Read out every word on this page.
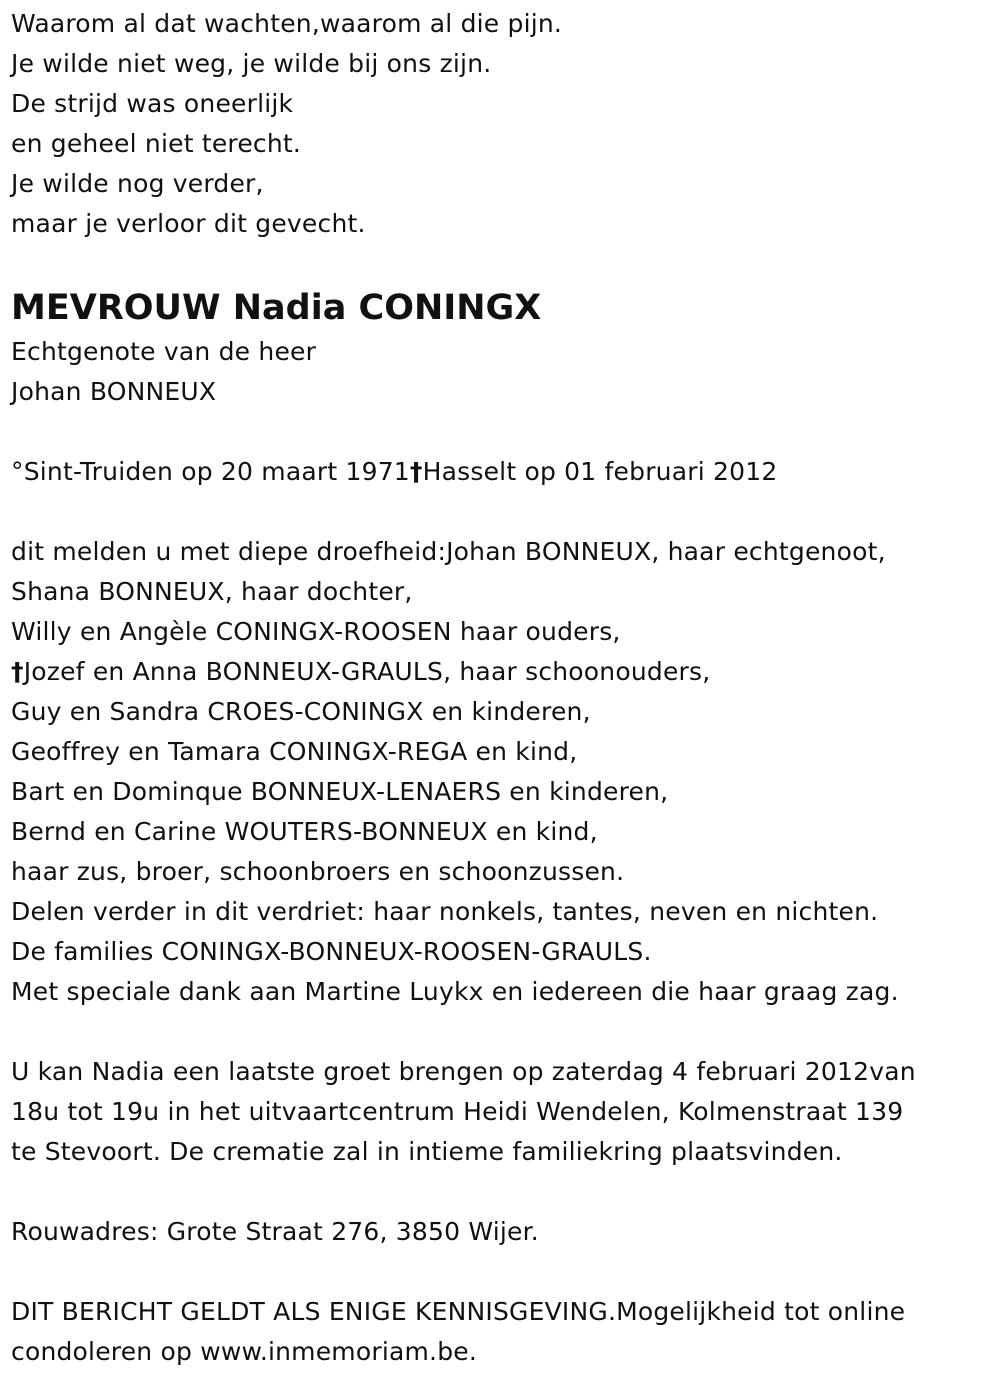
Waarom al dat wachten,waarom al die pijn.
Je wilde niet weg, je wilde bij ons zijn.
De strijd was oneerlijk
en geheel niet terecht.
Je wilde nog verder,
maar je verloor dit gevecht.
MEVROUW Nadia CONINGX
Echtgenote van de heer
Johan BONNEUX
°Sint-Truiden op 20 maart 1971†Hasselt op 01 februari 2012
dit melden u met diepe droefheid:Johan BONNEUX, haar echtgenoot,
Shana BONNEUX, haar dochter,
Willy en Angèle CONINGX-ROOSEN haar ouders,
†Jozef en Anna BONNEUX-GRAULS, haar schoonouders,
Guy en Sandra CROES-CONINGX en kinderen,
Geoffrey en Tamara CONINGX-REGA en kind,
Bart en Dominque BONNEUX-LENAERS en kinderen,
Bernd en Carine WOUTERS-BONNEUX en kind,
haar zus, broer, schoonbroers en schoonzussen.
Delen verder in dit verdriet: haar nonkels, tantes, neven en nichten.
De families CONINGX-BONNEUX-ROOSEN-GRAULS.
Met speciale dank aan Martine Luykx en iedereen die haar graag zag.
U kan Nadia een laatste groet brengen op zaterdag 4 februari 2012van
18u tot 19u in het uitvaartcentrum Heidi Wendelen, Kolmenstraat 139
te Stevoort. De crematie zal in intieme familiekring plaatsvinden.
Rouwadres: Grote Straat 276, 3850 Wijer.
DIT BERICHT GELDT ALS ENIGE KENNISGEVING.Mogelijkheid tot online
condoleren op www.inmemoriam.be.
